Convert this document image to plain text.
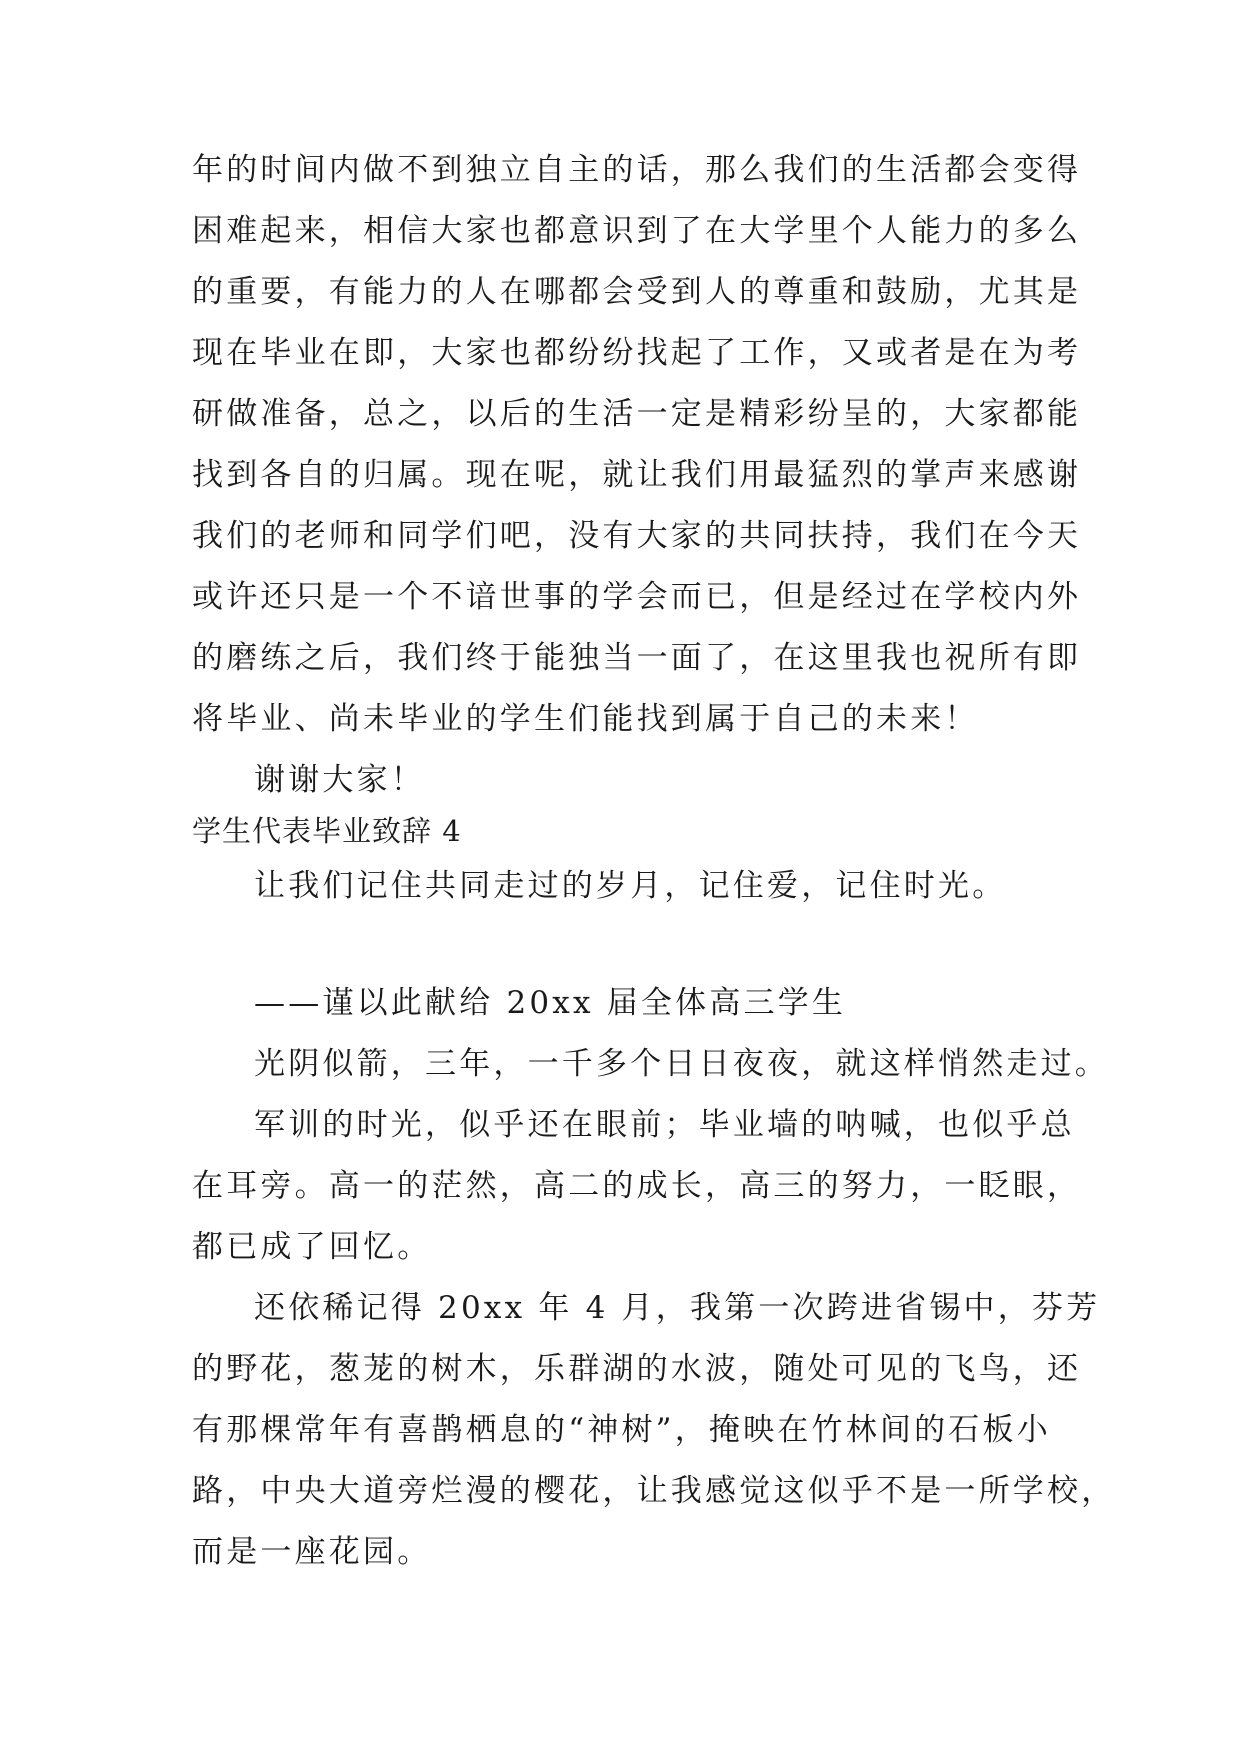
年的时间内做不到独立自主的话，那么我们的生活都会变得
困难起来，相信大家也都意识到了在大学里个人能力的多么
的重要，有能力的人在哪都会受到人的尊重和鼓励，尤其是
现在毕业在即，大家也都纷纷找起了工作，又或者是在为考
研做准备，总之，以后的生活一定是精彩纷呈的，大家都能
找到各自的归属。现在呢，就让我们用最猛烈的掌声来感谢
我们的老师和同学们吧，没有大家的共同扶持，我们在今天
或许还只是一个不谙世事的学会而已，但是经过在学校内外
的磨练之后，我们终于能独当一面了，在这里我也祝所有即
将毕业、尚未毕业的学生们能找到属于自己的未来！
谢谢大家！
学生代表毕业致辞 4
让我们记住共同走过的岁月，记住爱，记住时光。
——谨以此献给 20xx 届全体高三学生
光阴似箭，三年，一千多个日日夜夜，就这样悄然走过。
军训的时光，似乎还在眼前；毕业墙的呐喊，也似乎总
在耳旁。高一的茫然，高二的成长，高三的努力，一眨眼，
都已成了回忆。
还依稀记得 20xx 年 4 月，我第一次跨进省锡中，芬芳
的野花，葱茏的树木，乐群湖的水波，随处可见的飞鸟，还
有那棵常年有喜鹊栖息的“神树”，掩映在竹林间的石板小
路，中央大道旁烂漫的樱花，让我感觉这似乎不是一所学校，
而是一座花园。
